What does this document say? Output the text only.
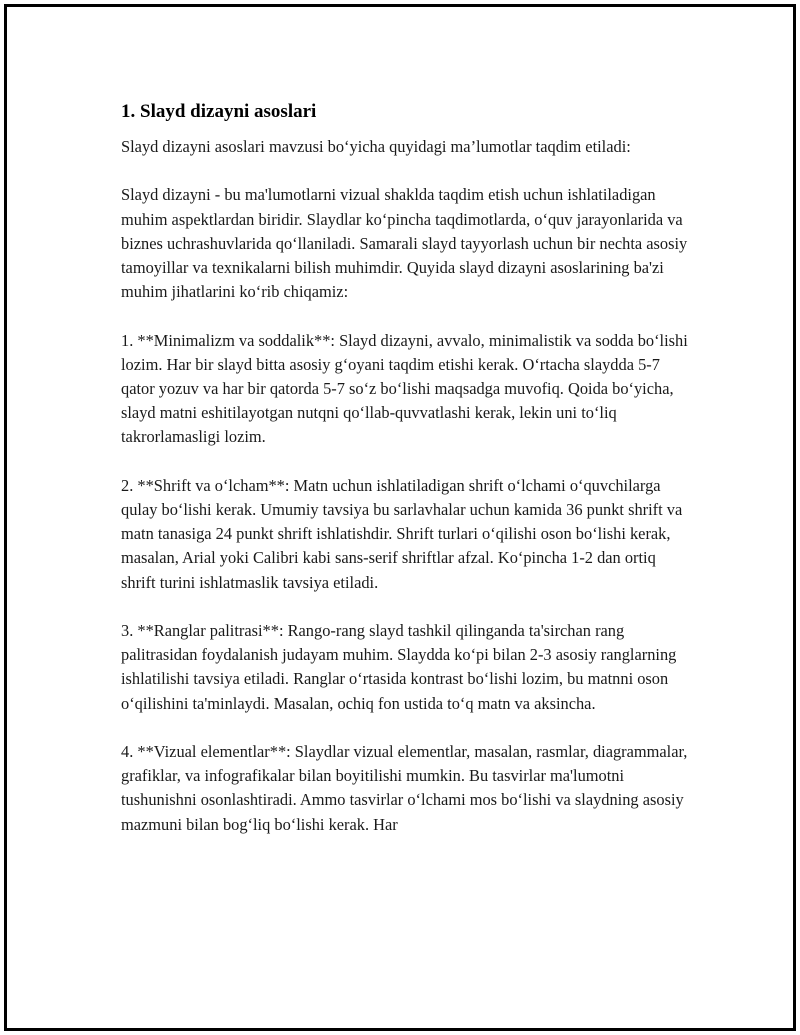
1. Slayd dizayni asoslari

Slayd dizayni asoslari mavzusi bo‘yicha quyidagi ma’lumotlar taqdim etiladi:

Slayd dizayni - bu ma'lumotlarni vizual shaklda taqdim etish uchun ishlatiladigan muhim aspektlardan biridir. Slaydlar ko‘pincha taqdimotlarda, o‘quv jarayonlarida va biznes uchrashuvlarida qo‘llaniladi. Samarali slayd tayyorlash uchun bir nechta asosiy tamoyillar va texnikalarni bilish muhimdir. Quyida slayd dizayni asoslarining ba'zi muhim jihatlarini ko‘rib chiqamiz:

1. **Minimalizm va soddalik**: Slayd dizayni, avvalo, minimalistik va sodda bo‘lishi lozim. Har bir slayd bitta asosiy g‘oyani taqdim etishi kerak. O‘rtacha slaydda 5-7 qator yozuv va har bir qatorda 5-7 so‘z bo‘lishi maqsadga muvofiq. Qoida bo‘yicha, slayd matni eshitilayotgan nutqni qo‘llab-quvvatlashi kerak, lekin uni to‘liq takrorlamasligi lozim.

2. **Shrift va o‘lcham**: Matn uchun ishlatiladigan shrift o‘lchami o‘quvchilarga qulay bo‘lishi kerak. Umumiy tavsiya bu sarlavhalar uchun kamida 36 punkt shrift va matn tanasiga 24 punkt shrift ishlatishdir. Shrift turlari o‘qilishi oson bo‘lishi kerak, masalan, Arial yoki Calibri kabi sans-serif shriftlar afzal. Ko‘pincha 1-2 dan ortiq shrift turini ishlatmaslik tavsiya etiladi.

3. **Ranglar palitrasi**: Rango-rang slayd tashkil qilinganda ta'sirchan rang palitrasidan foydalanish judayam muhim. Slaydda ko‘pi bilan 2-3 asosiy ranglarning ishlatilishi tavsiya etiladi. Ranglar o‘rtasida kontrast bo‘lishi lozim, bu matnni oson o‘qilishini ta'minlaydi. Masalan, ochiq fon ustida to‘q matn va aksincha.

4. **Vizual elementlar**: Slaydlar vizual elementlar, masalan, rasmlar, diagrammalar, grafiklar, va infografikalar bilan boyitilishi mumkin. Bu tasvirlar ma'lumotni tushunishni osonlashtiradi. Ammo tasvirlar o‘lchami mos bo‘lishi va slaydning asosiy mazmuni bilan bog‘liq bo‘lishi kerak. Har
